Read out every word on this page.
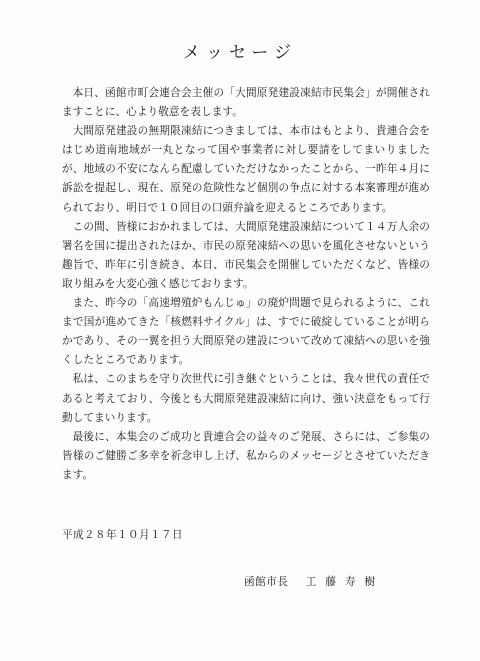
メッセージ

本日、函館市町会連合会主催の「大間原発建設凍結市民集会」が開催されますことに、心より敬意を表します。

大間原発建設の無期限凍結につきましては、本市はもとより、貴連合会をはじめ道南地域が一丸となって国や事業者に対し要請をしてまいりましたが、地域の不安になんら配慮していただけなかったことから、一昨年４月に訴訟を提起し、現在、原発の危険性など個別の争点に対する本案審理が進められており、明日で１０回目の口頭弁論を迎えるところであります。

この間、皆様におかれましては、大間原発建設凍結について１４万人余の署名を国に提出されたほか、市民の原発凍結への思いを風化させないという趣旨で、昨年に引き続き、本日、市民集会を開催していただくなど、皆様の取り組みを大変心強く感じております。

また、昨今の「高速増殖炉もんじゅ」の廃炉問題で見られるように、これまで国が進めてきた「核燃料サイクル」は、すでに破綻していることが明らかであり、その一翼を担う大間原発の建設について改めて凍結への思いを強くしたところであります。

私は、このまちを守り次世代に引き継ぐということは、我々世代の責任であると考えており、今後とも大間原発建設凍結に向け、強い決意をもって行動してまいります。

最後に、本集会のご成功と貴連合会の益々のご発展、さらには、ご参集の皆様のご健勝ご多幸を祈念申し上げ、私からのメッセージとさせていただきます。

平成２８年１０月１７日
函館市長 工藤寿樹
